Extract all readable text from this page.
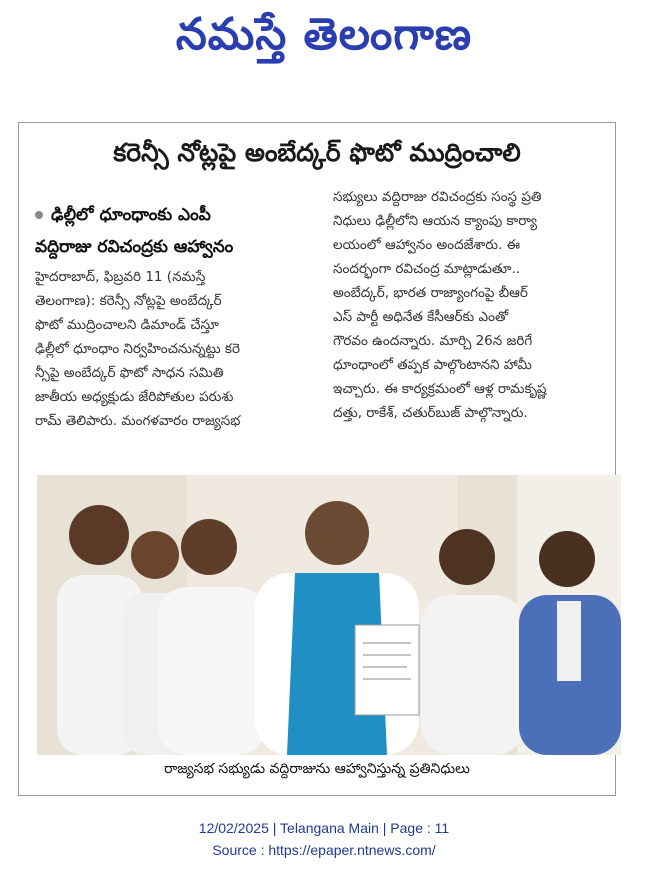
నమస్తే తెలంగాణ
కరెన్సీ నోట్లపై అంబేద్కర్ ఫొటో ముద్రించాలి
ఢిల్లీలో ధూంధాంకు ఎంపీ
వద్దిరాజు రవిచంద్రకు ఆహ్వానం
హైదరాబాద్, ఫిబ్రవరి 11 (నమస్తే
తెలంగాణ): కరెన్సీ నోట్లపై అంబేద్కర్
ఫొటో ముద్రించాలని డిమాండ్ చేస్తూ
ఢిల్లీలో ధూంధాం నిర్వహించనున్నట్టు కరె
న్సీపై అంబేద్కర్ ఫొటో సాధన సమితి
జాతీయ అధ్యక్షుడు జేరిపోతుల పరుశు
రామ్ తెలిపారు. మంగళవారం రాజ్యసభ
సభ్యులు వద్దిరాజు రవిచంద్రకు సంస్థ ప్రతి
నిధులు ఢిల్లీలోని ఆయన క్యాంపు కార్యా
లయంలో ఆహ్వానం అందజేశారు. ఈ
సందర్భంగా రవిచంద్ర మాట్లాడుతూ..
అంబేద్కర్, భారత రాజ్యాంగంపై బీఆర్
ఎస్ పార్టీ అధినేత కేసీఆర్‌కు ఎంతో
గౌరవం ఉందన్నారు. మార్చి 26న జరిగే
ధూంధాంలో తప్పక పాల్గొంటానని హామీ
ఇచ్చారు. ఈ కార్యక్రమంలో ఆళ్ల రామకృష్ణ
దత్తు, రాకేశ్, చతుర్‌బుజ్ పాల్గొన్నారు.
రాజ్యసభ సభ్యుడు వద్దిరాజును ఆహ్వానిస్తున్న ప్రతినిధులు
12/02/2025 | Telangana Main | Page : 11
Source : https://epaper.ntnews.com/
